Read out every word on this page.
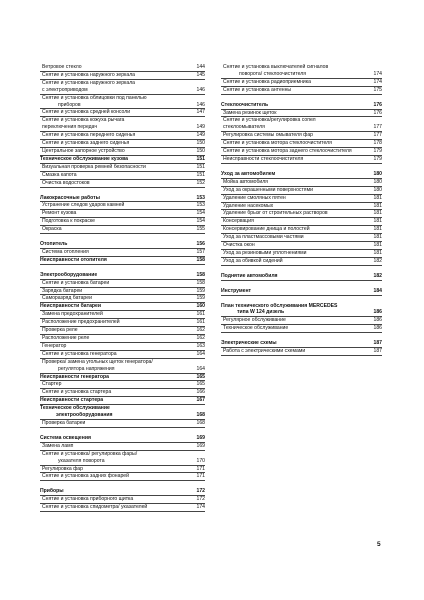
Ветровое стекло	144
Снятие и установка наружного зеркала	145
Снятие и установка наружного зеркала
с электроприводом	146
Снятие и установка облицовки под панелью
приборов	146
Снятие и установка средней консоли	147
Снятие и установка кожуха рычага
переключения передач	149
Снятие и установка переднего сиденья	149
Снятие и установка заднего сиденья	150
Центральное запорное устройство	150
Техническое обслуживание кузова	151
Визуальная проверка ремней безопасности	151
Смазка капота	151
Очистка водостоков	152
Лакокрасочные работы	153
Устранение следов ударов камней	153
Ремонт кузова	154
Подготовка к покраске	154
Окраска	155
Отопитель	156
Система отопления	157
Неисправности отопителя	158
Электрооборудование	158
Снятие и установка батареи	158
Зарядка батареи	159
Саморазряд батареи	159
Неисправности батареи	160
Замена предохранителей	161
Расположение предохранителей	161
Проверка реле	162
Расположение реле	162
Генератор	163
Снятие и установка генератора	164
Проверка/ замена угольных щеток генератора/
регулятора напряжения	164
Неисправности генератора	165
Стартер	165
Снятие и установка стартера	166
Неисправности стартера	167
Техническое обслуживание
электрооборудования	168
Проверка батареи	168
Система освещения	169
Замена ламп	169
Снятие и установка/ регулировка фары/
указателя поворота	170
Регулировка фар	171
Снятие и установка задних фонарей	171
Приборы	172
Снятие и установка приборного щитка	172
Снятие и установка спидометра/ указателей	174
Снятие и установка выключателей сигналов
поворота/ стеклоочистителя	174
Снятие и установка радиоприемника	174
Снятие и установка антенны	175
Стеклоочиститель	176
Замена резинок щеток	176
Снятие и установка/регулировка сопел
стеклоомывателя	177
Регулировка системы омывателя фар	177
Снятие и установка мотора стеклоочистителя	178
Снятие и установка мотора заднего стеклоочистителя	179
Неисправности стеклоочистителя	179
Уход за автомобилем	180
Мойка автомобиля	180
Уход за окрашенными поверхностями	180
Удаление смоляных пятен	181
Удаление насекомых	181
Удаление брызг от строительных растворов	181
Консервация	181
Консервирование днища и полостей	181
Уход за пластмассовыми частями	181
Очистка окон	181
Уход за резиновыми уплотнениями	181
Уход за обивкой сидений	182
Поднятие автомобиля	182
Инструмент	184
План технического обслуживания MERCEDES
типа W 124 дизель	186
Регулярное обслуживание	186
Техническое обслуживание	186
Электрические схемы	187
Работа с электрическими схемами	187
5
